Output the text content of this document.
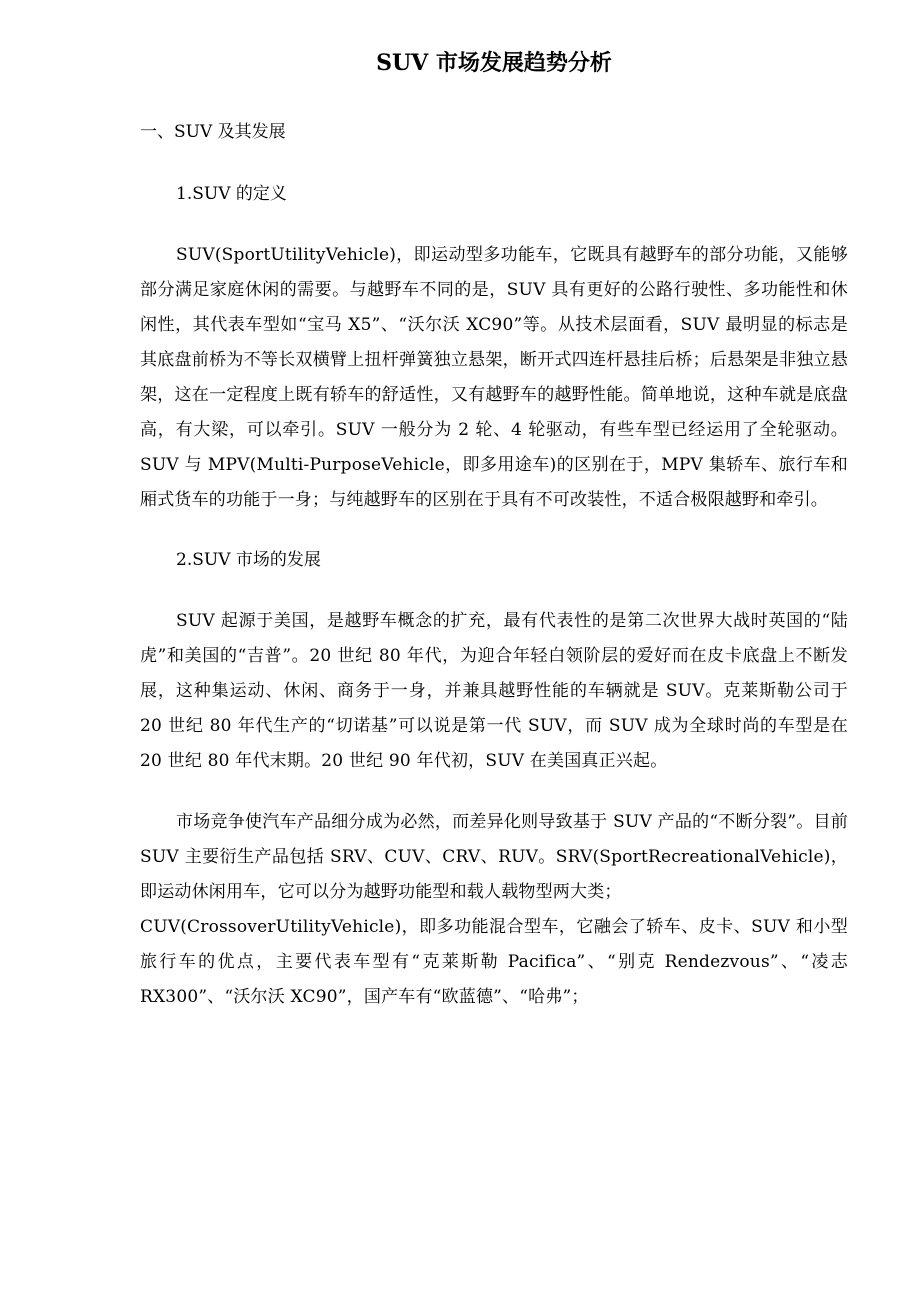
SUV 市场发展趋势分析
一、SUV 及其发展
1.SUV 的定义

SUV(SportUtilityVehicle)，即运动型多功能车，它既具有越野车的部分功能，又能够部分满足家庭休闲的需要。与越野车不同的是，SUV 具有更好的公路行驶性、多功能性和休闲性，其代表车型如“宝马 X5”、“沃尔沃 XC90”等。从技术层面看，SUV 最明显的标志是其底盘前桥为不等长双横臂上扭杆弹簧独立悬架，断开式四连杆悬挂后桥；后悬架是非独立悬架，这在一定程度上既有轿车的舒适性，又有越野车的越野性能。简单地说，这种车就是底盘高，有大梁，可以牵引。SUV 一般分为 2 轮、4 轮驱动，有些车型已经运用了全轮驱动。SUV 与 MPV(Multi-PurposeVehicle，即多用途车)的区别在于，MPV 集轿车、旅行车和厢式货车的功能于一身；与纯越野车的区别在于具有不可改装性，不适合极限越野和牵引。

2.SUV 市场的发展

SUV 起源于美国，是越野车概念的扩充，最有代表性的是第二次世界大战时英国的“陆虎”和美国的“吉普”。20 世纪 80 年代，为迎合年轻白领阶层的爱好而在皮卡底盘上不断发展，这种集运动、休闲、商务于一身，并兼具越野性能的车辆就是 SUV。克莱斯勒公司于 20 世纪 80 年代生产的“切诺基”可以说是第一代 SUV，而 SUV 成为全球时尚的车型是在 20 世纪 80 年代末期。20 世纪 90 年代初，SUV 在美国真正兴起。

市场竞争使汽车产品细分成为必然，而差异化则导致基于 SUV 产品的“不断分裂”。目前 SUV 主要衍生产品包括 SRV、CUV、CRV、RUV。SRV(SportRecreationalVehicle)，即运动休闲用车，它可以分为越野功能型和载人载物型两大类；

CUV(CrossoverUtilityVehicle)，即多功能混合型车，它融会了轿车、皮卡、SUV 和小型旅行车的优点，主要代表车型有“克莱斯勒 Pacifica”、“别克 Rendezvous”、“凌志 RX300”、“沃尔沃 XC90”，国产车有“欧蓝德”、“哈弗”；
